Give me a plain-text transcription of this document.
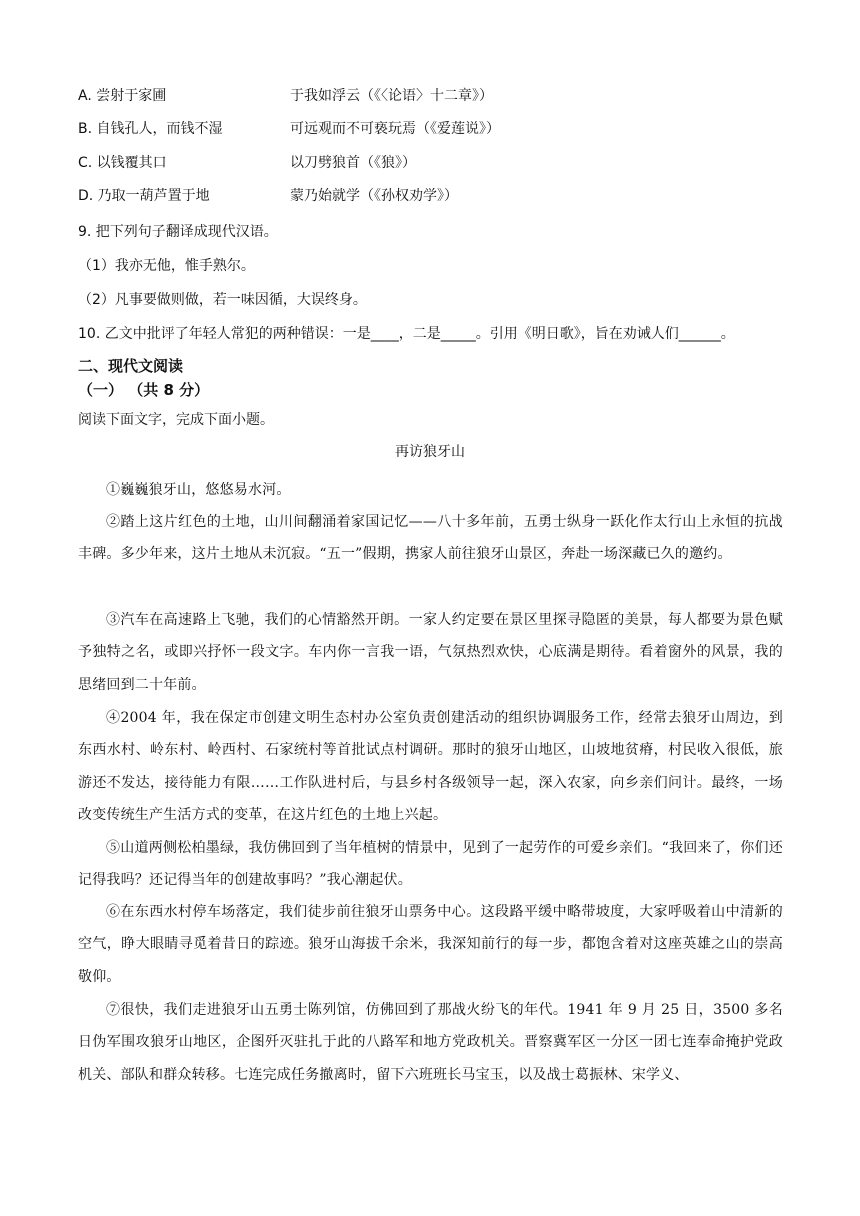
A. 尝射于家圃	于我如浮云（《〈论语〉十二章》）
B. 自钱孔人，而钱不湿	可远观而不可亵玩焉（《爱莲说》）
C. 以钱覆其口	以刀劈狼首（《狼》）
D. 乃取一葫芦置于地	蒙乃始就学（《孙权劝学》）
9. 把下列句子翻译成现代汉语。
（1）我亦无他，惟手熟尔。
（2）凡事要做则做，若一味因循，大误终身。
10. 乙文中批评了年轻人常犯的两种错误：一是____，二是_____。引用《明日歌》，旨在劝诫人们______。
二、现代文阅读
（一） （共 8 分）
阅读下面文字，完成下面小题。
再访狼牙山
①巍巍狼牙山，悠悠易水河。
②踏上这片红色的土地，山川间翻涌着家国记忆——八十多年前，五勇士纵身一跃化作太行山上永恒的抗战丰碑。多少年来，这片土地从未沉寂。“五一”假期，携家人前往狼牙山景区，奔赴一场深藏已久的邀约。
③汽车在高速路上飞驰，我们的心情豁然开朗。一家人约定要在景区里探寻隐匿的美景，每人都要为景色赋予独特之名，或即兴抒怀一段文字。车内你一言我一语，气氛热烈欢快，心底满是期待。看着窗外的风景，我的思绪回到二十年前。
④2004 年，我在保定市创建文明生态村办公室负责创建活动的组织协调服务工作，经常去狼牙山周边，到东西水村、岭东村、岭西村、石家统村等首批试点村调研。那时的狼牙山地区，山坡地贫瘠，村民收入很低，旅游还不发达，接待能力有限……工作队进村后，与县乡村各级领导一起，深入农家，向乡亲们问计。最终，一场改变传统生产生活方式的变革，在这片红色的土地上兴起。
⑤山道两侧松柏墨绿，我仿佛回到了当年植树的情景中，见到了一起劳作的可爱乡亲们。“我回来了，你们还记得我吗？还记得当年的创建故事吗？”我心潮起伏。
⑥在东西水村停车场落定，我们徒步前往狼牙山票务中心。这段路平缓中略带坡度，大家呼吸着山中清新的空气，睁大眼睛寻觅着昔日的踪迹。狼牙山海拔千余米，我深知前行的每一步，都饱含着对这座英雄之山的崇高敬仰。
⑦很快，我们走进狼牙山五勇士陈列馆，仿佛回到了那战火纷飞的年代。1941 年 9 月 25 日，3500 多名日伪军围攻狼牙山地区，企图歼灭驻扎于此的八路军和地方党政机关。晋察冀军区一分区一团七连奉命掩护党政机关、部队和群众转移。七连完成任务撤离时，留下六班班长马宝玉，以及战士葛振林、宋学义、
